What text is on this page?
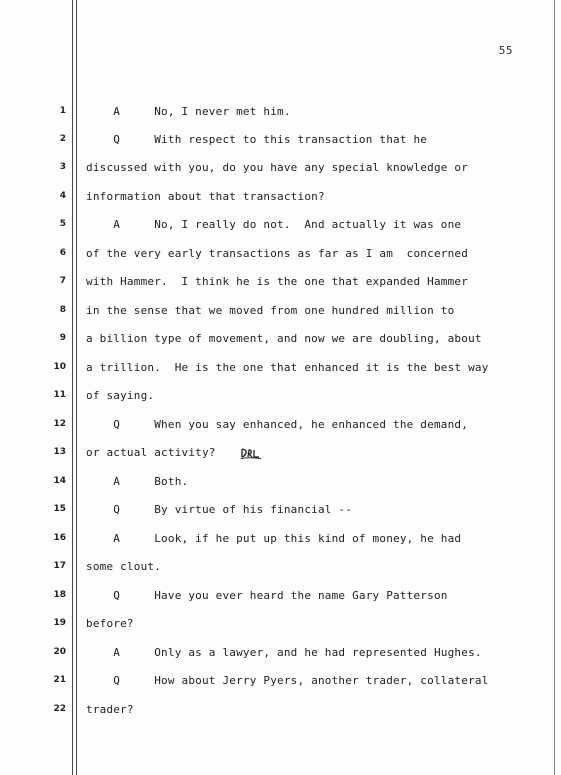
55
1 A     No, I never met him.
2 Q     With respect to this transaction that he
3 discussed with you, do you have any special knowledge or
4 information about that transaction?
5 A     No, I really do not.  And actually it was one
6 of the very early transactions as far as I am  concerned
7 with Hammer.  I think he is the one that expanded Hammer
8 in the sense that we moved from one hundred million to
9 a billion type of movement, and now we are doubling, about
10 a trillion.  He is the one that enhanced it is the best way
11 of saying.
12 Q     When you say enhanced, he enhanced the demand,
13 or actual activity?
14 A     Both.
15 Q     By virtue of his financial --
16 A     Look, if he put up this kind of money, he had
17 some clout.
18 Q     Have you ever heard the name Gary Patterson
19 before?
20 A     Only as a lawyer, and he had represented Hughes.
21 Q     How about Jerry Pyers, another trader, collateral
22 trader?
